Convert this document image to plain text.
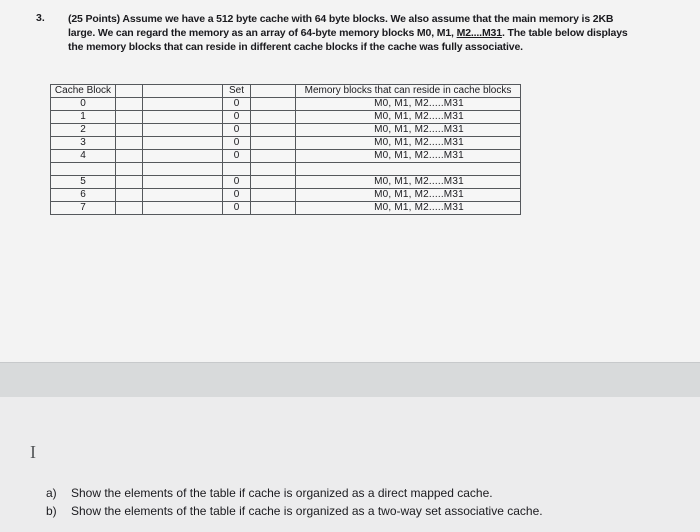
3. (25 Points) Assume we have a 512 byte cache with 64 byte blocks. We also assume that the main memory is 2KB
large. We can regard the memory as an array of 64-byte memory blocks M0, M1, M2....M31. The table below displays
the memory blocks that can reside in different cache blocks if the cache was fully associative.
Cache Block			Set		Memory blocks that can reside in cache blocks
0			0		M0, M1, M2.....M31
1			0		M0, M1, M2.....M31
2			0		M0, M1, M2.....M31
3			0		M0, M1, M2.....M31
4			0		M0, M1, M2.....M31

5			0		M0, M1, M2.....M31
6			0		M0, M1, M2.....M31
7			0		M0, M1, M2.....M31
I
a) Show the elements of the table if cache is organized as a direct mapped cache.
b) Show the elements of the table if cache is organized as a two-way set associative cache.
